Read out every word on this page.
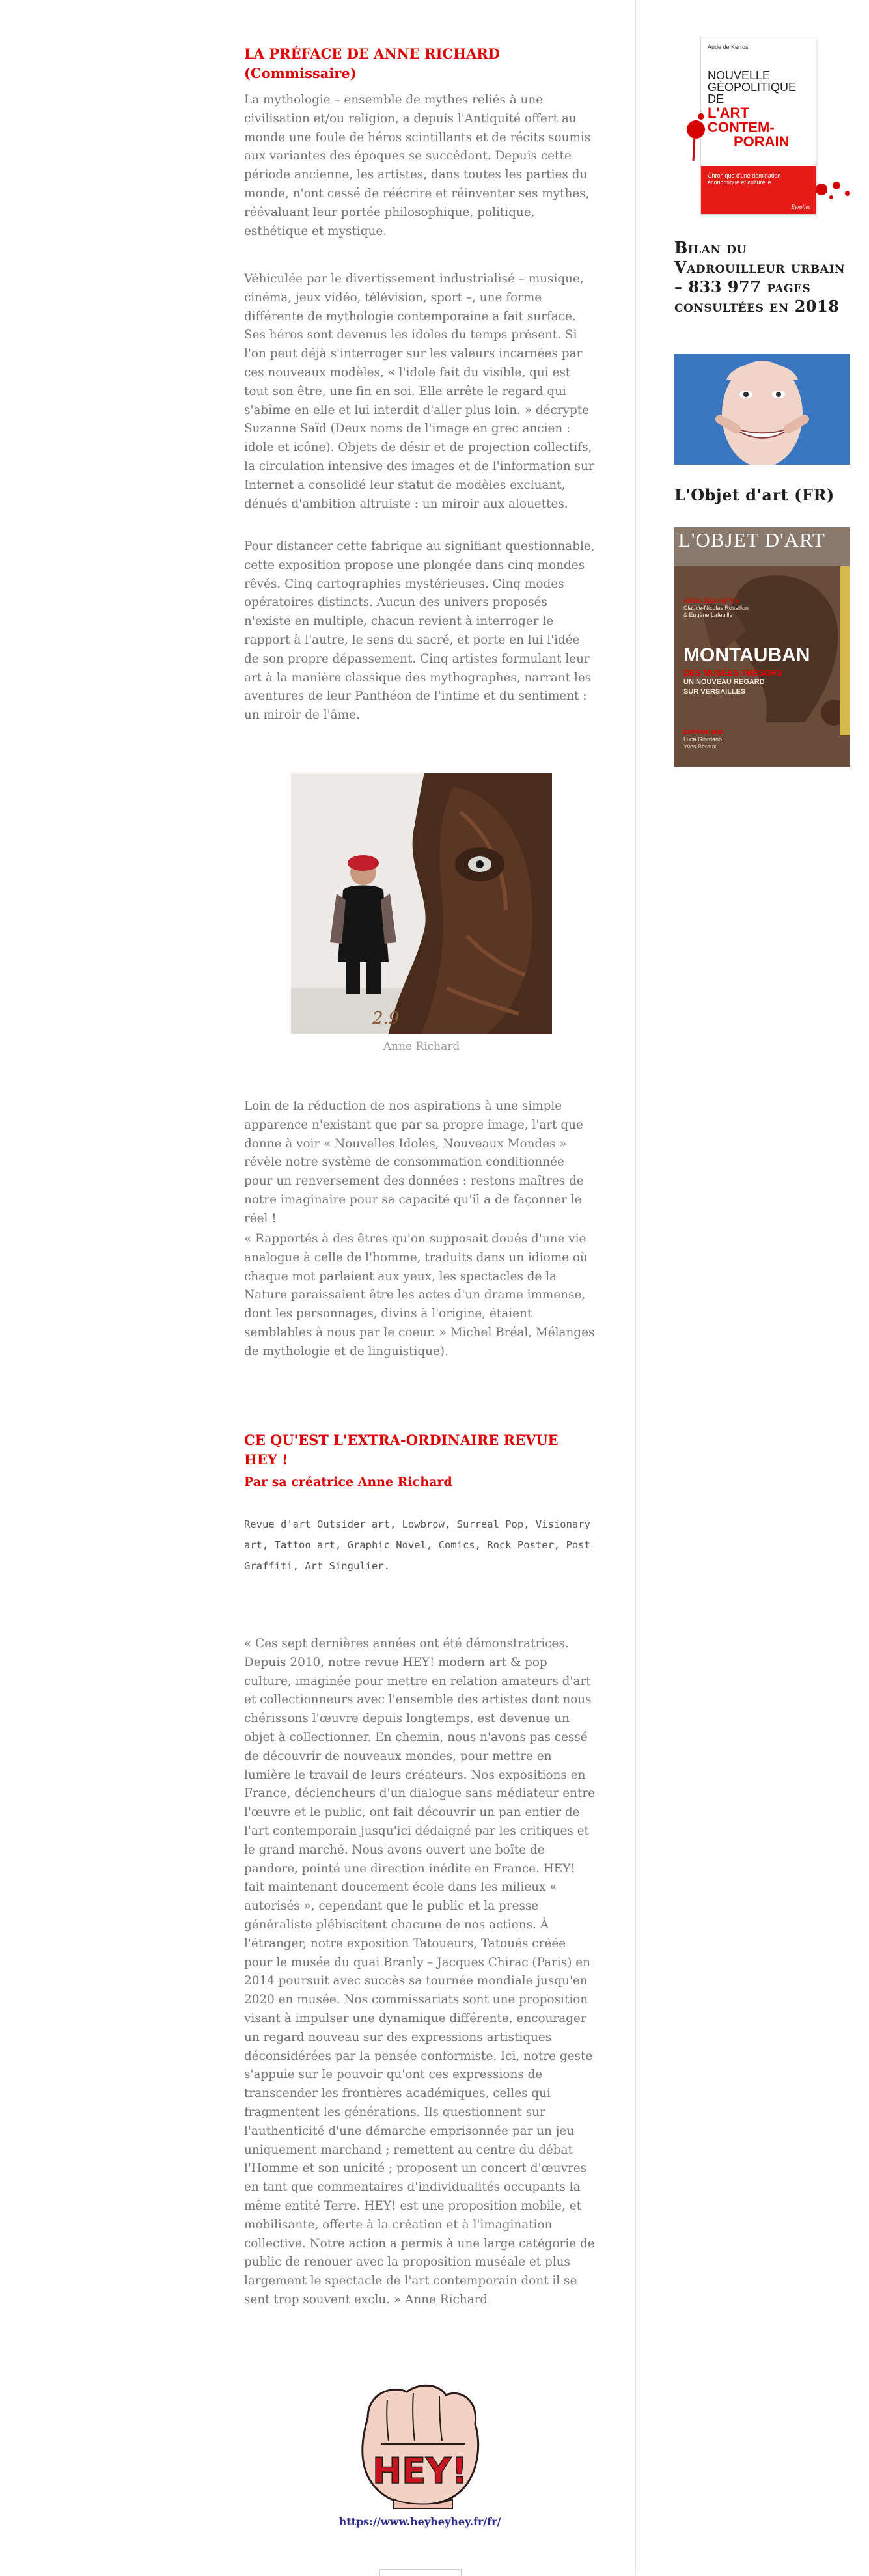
LA PRÉFACE DE ANNE RICHARD (Commissaire)

La mythologie – ensemble de mythes reliés à une civilisation et/ou religion, a depuis l'Antiquité offert au monde une foule de héros scintillants et de récits soumis aux variantes des époques se succédant. Depuis cette période ancienne, les artistes, dans toutes les parties du monde, n'ont cessé de réécrire et réinventer ses mythes, réévaluant leur portée philosophique, politique, esthétique et mystique.

Véhiculée par le divertissement industrialisé – musique, cinéma, jeux vidéo, télévision, sport –, une forme différente de mythologie contemporaine a fait surface. Ses héros sont devenus les idoles du temps présent. Si l'on peut déjà s'interroger sur les valeurs incarnées par ces nouveaux modèles, « l'idole fait du visible, qui est tout son être, une fin en soi. Elle arrête le regard qui s'abîme en elle et lui interdit d'aller plus loin. » décrypte Suzanne Saïd (Deux noms de l'image en grec ancien : idole et icône). Objets de désir et de projection collectifs, la circulation intensive des images et de l'information sur Internet a consolidé leur statut de modèles excluant, dénués d'ambition altruiste : un miroir aux alouettes.

Pour distancer cette fabrique au signifiant questionnable, cette exposition propose une plongée dans cinq mondes rêvés. Cinq cartographies mystérieuses. Cinq modes opératoires distincts. Aucun des univers proposés n'existe en multiple, chacun revient à interroger le rapport à l'autre, le sens du sacré, et porte en lui l'idée de son propre dépassement. Cinq artistes formulant leur art à la manière classique des mythographes, narrant les aventures de leur Panthéon de l'intime et du sentiment : un miroir de l'âme.

2.9
Anne Richard

Loin de la réduction de nos aspirations à une simple apparence n'existant que par sa propre image, l'art que donne à voir « Nouvelles Idoles, Nouveaux Mondes » révèle notre système de consommation conditionnée pour un renversement des données : restons maîtres de notre imaginaire pour sa capacité qu'il a de façonner le réel !

« Rapportés à des êtres qu'on supposait doués d'une vie analogue à celle de l'homme, traduits dans un idiome où chaque mot parlaient aux yeux, les spectacles de la Nature paraissaient être les actes d'un drame immense, dont les personnages, divins à l'origine, étaient semblables à nous par le coeur. » Michel Bréal, Mélanges de mythologie et de linguistique).

CE QU'EST L'EXTRA-ORDINAIRE REVUE HEY !
Par sa créatrice Anne Richard

Revue d'art Outsider art, Lowbrow, Surreal Pop, Visionary art, Tattoo art, Graphic Novel, Comics, Rock Poster, Post Graffiti, Art Singulier.

« Ces sept dernières années ont été démonstratrices. Depuis 2010, notre revue HEY! modern art & pop culture, imaginée pour mettre en relation amateurs d'art et collectionneurs avec l'ensemble des artistes dont nous chérissons l'œuvre depuis longtemps, est devenue un objet à collectionner. En chemin, nous n'avons pas cessé de découvrir de nouveaux mondes, pour mettre en lumière le travail de leurs créateurs. Nos expositions en France, déclencheurs d'un dialogue sans médiateur entre l'œuvre et le public, ont fait découvrir un pan entier de l'art contemporain jusqu'ici dédaigné par les critiques et le grand marché. Nous avons ouvert une boîte de pandore, pointé une direction inédite en France. HEY! fait maintenant doucement école dans les milieux « autorisés », cependant que le public et la presse généraliste plébiscitent chacune de nos actions. À l'étranger, notre exposition Tatoueurs, Tatoués créée pour le musée du quai Branly – Jacques Chirac (Paris) en 2014 poursuit avec succès sa tournée mondiale jusqu'en 2020 en musée. Nos commissariats sont une proposition visant à impulser une dynamique différente, encourager un regard nouveau sur des expressions artistiques déconsidérées par la pensée conformiste. Ici, notre geste s'appuie sur le pouvoir qu'ont ces expressions de transcender les frontières académiques, celles qui fragmentent les générations. Ils questionnent sur l'authenticité d'une démarche emprisonnée par un jeu uniquement marchand ; remettent au centre du débat l'Homme et son unicité ; proposent un concert d'œuvres en tant que commentaires d'individualités occupants la même entité Terre. HEY! est une proposition mobile, et mobilisante, offerte à la création et à l'imagination collective. Notre action a permis à une large catégorie de public de renouer avec la proposition muséale et plus largement le spectacle de l'art contemporain dont il se sent trop souvent exclu. » Anne Richard

HEY!
https://www.heyheyhey.fr/fr/
Aude de Kerros
NOUVELLE
GÉOPOLITIQUE
DE
L'ART
CONTEM-
PORAIN
Chronique d'une domination
économique et culturelle
Eyrolles
Bilan du Vadrouilleur urbain – 833 977 pages consultées en 2018
L'Objet d'art (FR)
L'OBJET D'ART
ARTS DÉCORATIFS
Claude-Nicolas Rossillon
& Eugène Lafeuille
MONTAUBAN
DES MUSÉES TRÉSORS
UN NOUVEAU REGARD
SUR VERSAILLES
EXPOSITIONS
Luca Giordano
Yves Béroux
